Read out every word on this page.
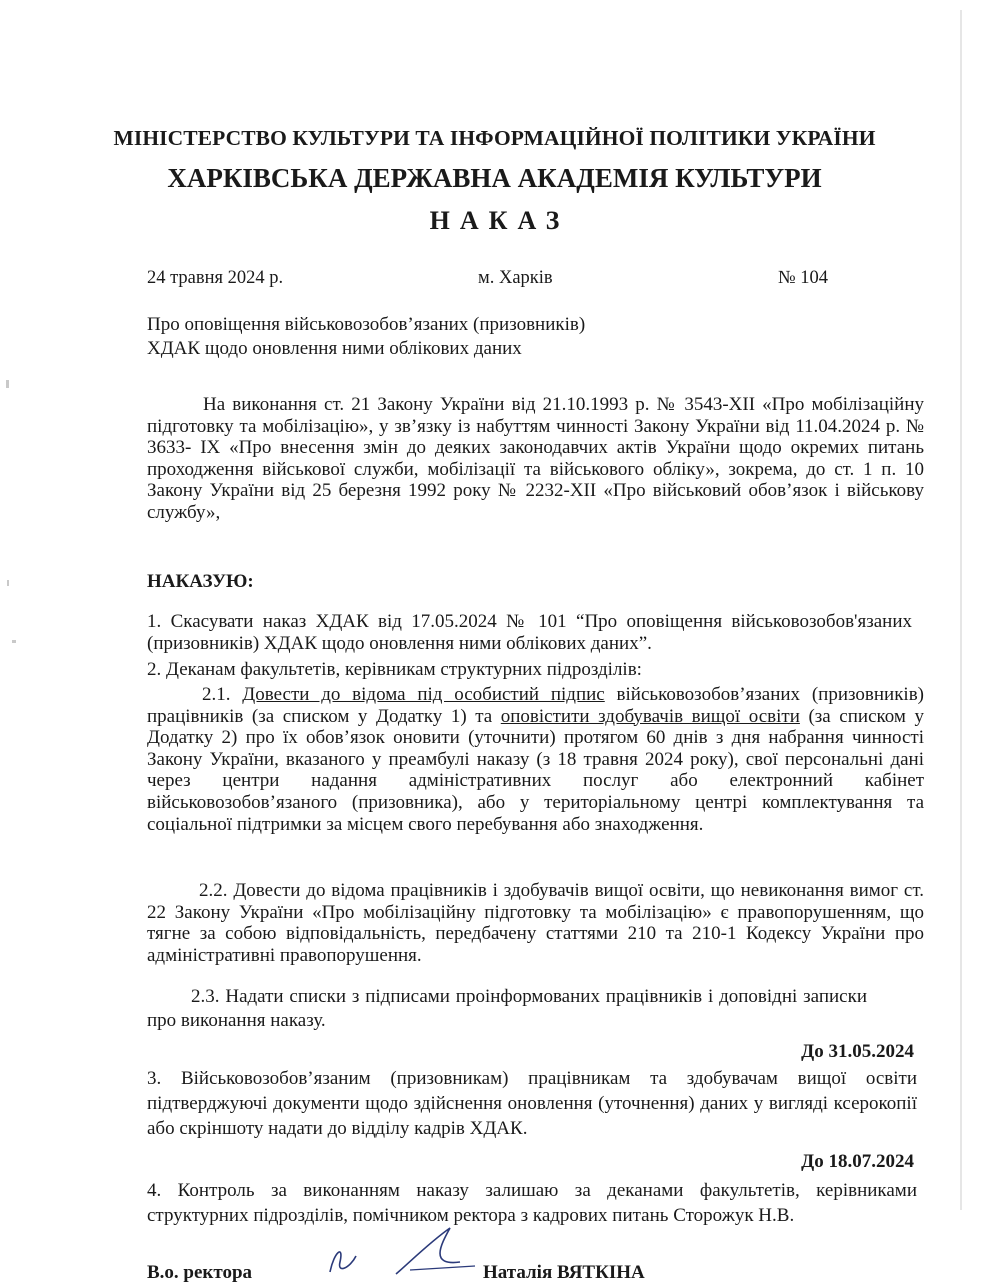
МІНІСТЕРСТВО КУЛЬТУРИ ТА ІНФОРМАЦІЙНОЇ ПОЛІТИКИ УКРАЇНИ
ХАРКІВСЬКА ДЕРЖАВНА АКАДЕМІЯ КУЛЬТУРИ
НАКАЗ
24 травня 2024 р.	м. Харків	№ 104
Про оповіщення військовозобов’язаних (призовників)
ХДАК щодо оновлення ними облікових даних
На виконання ст. 21 Закону України від 21.10.1993 р. № 3543-XII «Про мобілізаційну підготовку та мобілізацію», у зв’язку із набуттям чинності Закону України від 11.04.2024 р. № 3633- IX «Про внесення змін до деяких законодавчих актів України щодо окремих питань проходження військової служби, мобілізації та військового обліку», зокрема, до ст. 1 п. 10 Закону України від 25 березня 1992 року № 2232-XII «Про військовий обов’язок і військову службу»,
НАКАЗУЮ:
1. Скасувати наказ ХДАК від 17.05.2024 № 101 “Про оповіщення військовозобов'язаних (призовників) ХДАК щодо оновлення ними облікових даних”.
2. Деканам факультетів, керівникам структурних підрозділів:
2.1. Довести до відома під особистий підпис військовозобов’язаних (призовників) працівників (за списком у Додатку 1) та оповістити здобувачів вищої освіти (за списком у Додатку 2) про їх обов’язок оновити (уточнити) протягом 60 днів з дня набрання чинності Закону України, вказаного у преамбулі наказу (з 18 травня 2024 року), свої персональні дані через центри надання адміністративних послуг або електронний кабінет військовозобов’язаного (призовника), або у територіальному центрі комплектування та соціальної підтримки за місцем свого перебування або знаходження.
2.2. Довести до відома працівників і здобувачів вищої освіти, що невиконання вимог ст. 22 Закону України «Про мобілізаційну підготовку та мобілізацію» є правопорушенням, що тягне за собою відповідальність, передбачену статтями 210 та 210-1 Кодексу України про адміністративні правопорушення.
2.3. Надати списки з підписами проінформованих працівників і доповідні записки про виконання наказу.
До 31.05.2024
3. Військовозобов’язаним (призовникам) працівникам та здобувачам вищої освіти підтверджуючі документи щодо здійснення оновлення (уточнення) даних у вигляді ксерокопії або скріншоту надати до відділу кадрів ХДАК.
До 18.07.2024
4. Контроль за виконанням наказу залишаю за деканами факультетів, керівниками структурних підрозділів, помічником ректора з кадрових питань Сторожук Н.В.
В.о. ректора	Наталія ВЯТКІНА
